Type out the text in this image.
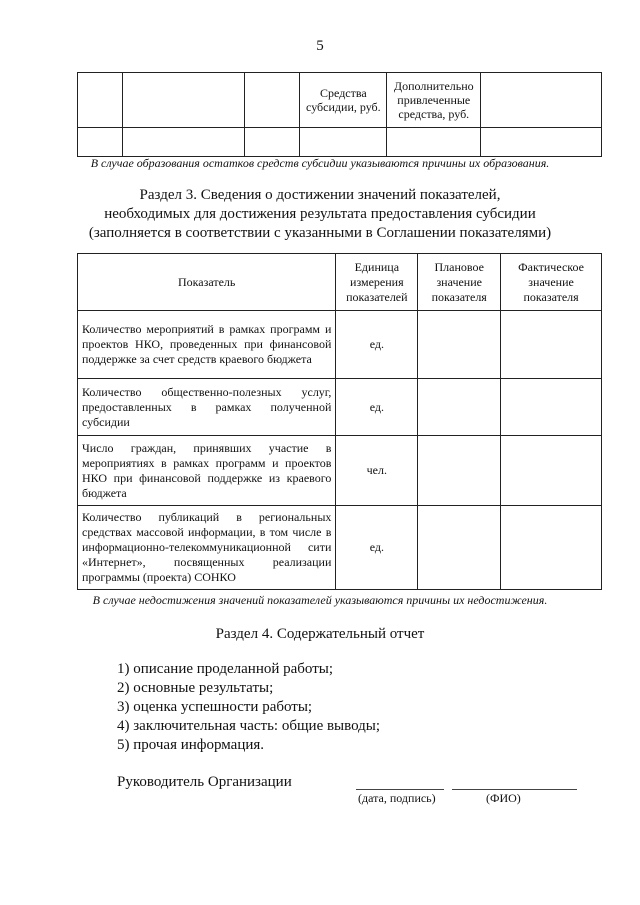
5
			Средства субсидии, руб.	Дополнительно привлеченные средства, руб.	

В случае образования остатков средств субсидии указываются причины их образования.
Раздел 3. Сведения о достижении значений показателей,
необходимых для достижения результата предоставления субсидии
(заполняется в соответствии с указанными в Соглашении показателями)
Показатель	Единица измерения показателей	Плановое значение показателя	Фактическое значение показателя
Количество мероприятий в рамках программ и проектов НКО, проведенных при финансовой поддержке за счет средств краевого бюджета	ед.		
Количество общественно-полезных услуг, предоставленных в рамках полученной субсидии	ед.		
Число граждан, принявших участие в мероприятиях в рамках программ и проектов НКО при финансовой поддержке из краевого бюджета	чел.		
Количество публикаций в региональных средствах массовой информации, в том числе в информационно-телекоммуникационной сити «Интернет», посвященных реализации программы (проекта) СОНКО	ед.		
В случае недостижения значений показателей указываются причины их недостижения.
Раздел 4. Содержательный отчет
1) описание проделанной работы;
2) основные результаты;
3) оценка успешности работы;
4) заключительная часть: общие выводы;
5) прочая информация.
Руководитель Организации
(дата, подпись)	(ФИО)
